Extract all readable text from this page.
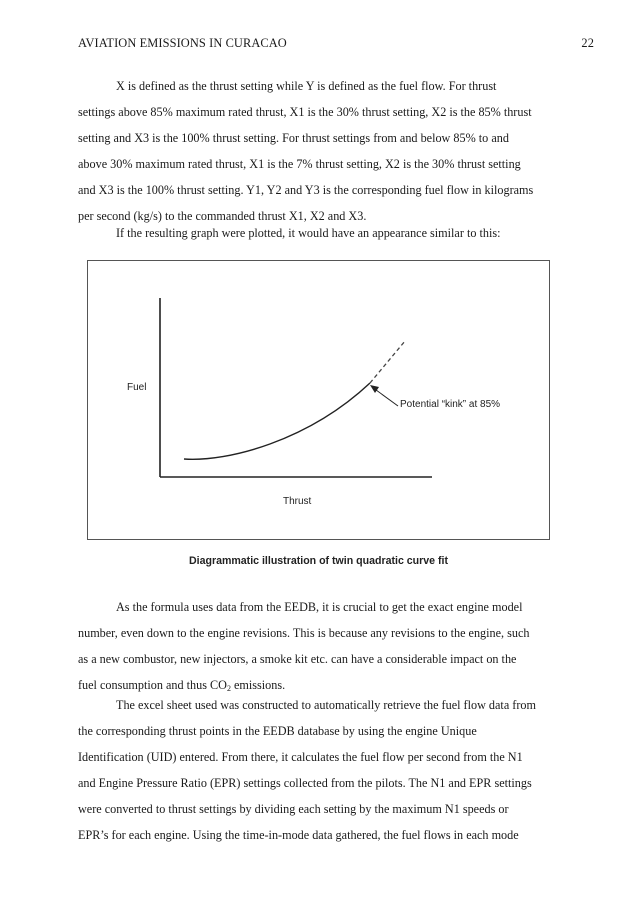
AVIATION EMISSIONS IN CURACAO	22

X is defined as the thrust setting while Y is defined as the fuel flow. For thrust
settings above 85% maximum rated thrust, X1 is the 30% thrust setting, X2 is the 85% thrust
setting and X3 is the 100% thrust setting. For thrust settings from and below 85% to and
above 30% maximum rated thrust, X1 is the 7% thrust setting, X2 is the 30% thrust setting
and X3 is the 100% thrust setting. Y1, Y2 and Y3 is the corresponding fuel flow in kilograms
per second (kg/s) to the commanded thrust X1, X2 and X3.

If the resulting graph were plotted, it would have an appearance similar to this:

Fuel
Thrust
Potential “kink” at 85%
Diagrammatic illustration of twin quadratic curve fit

As the formula uses data from the EEDB, it is crucial to get the exact engine model
number, even down to the engine revisions. This is because any revisions to the engine, such
as a new combustor, new injectors, a smoke kit etc. can have a considerable impact on the
fuel consumption and thus $CO_2$ emissions.

The excel sheet used was constructed to automatically retrieve the fuel flow data from
the corresponding thrust points in the EEDB database by using the engine Unique
Identification (UID) entered. From there, it calculates the fuel flow per second from the N1
and Engine Pressure Ratio (EPR) settings collected from the pilots. The N1 and EPR settings
were converted to thrust settings by dividing each setting by the maximum N1 speeds or
EPR’s for each engine. Using the time-in-mode data gathered, the fuel flows in each mode
